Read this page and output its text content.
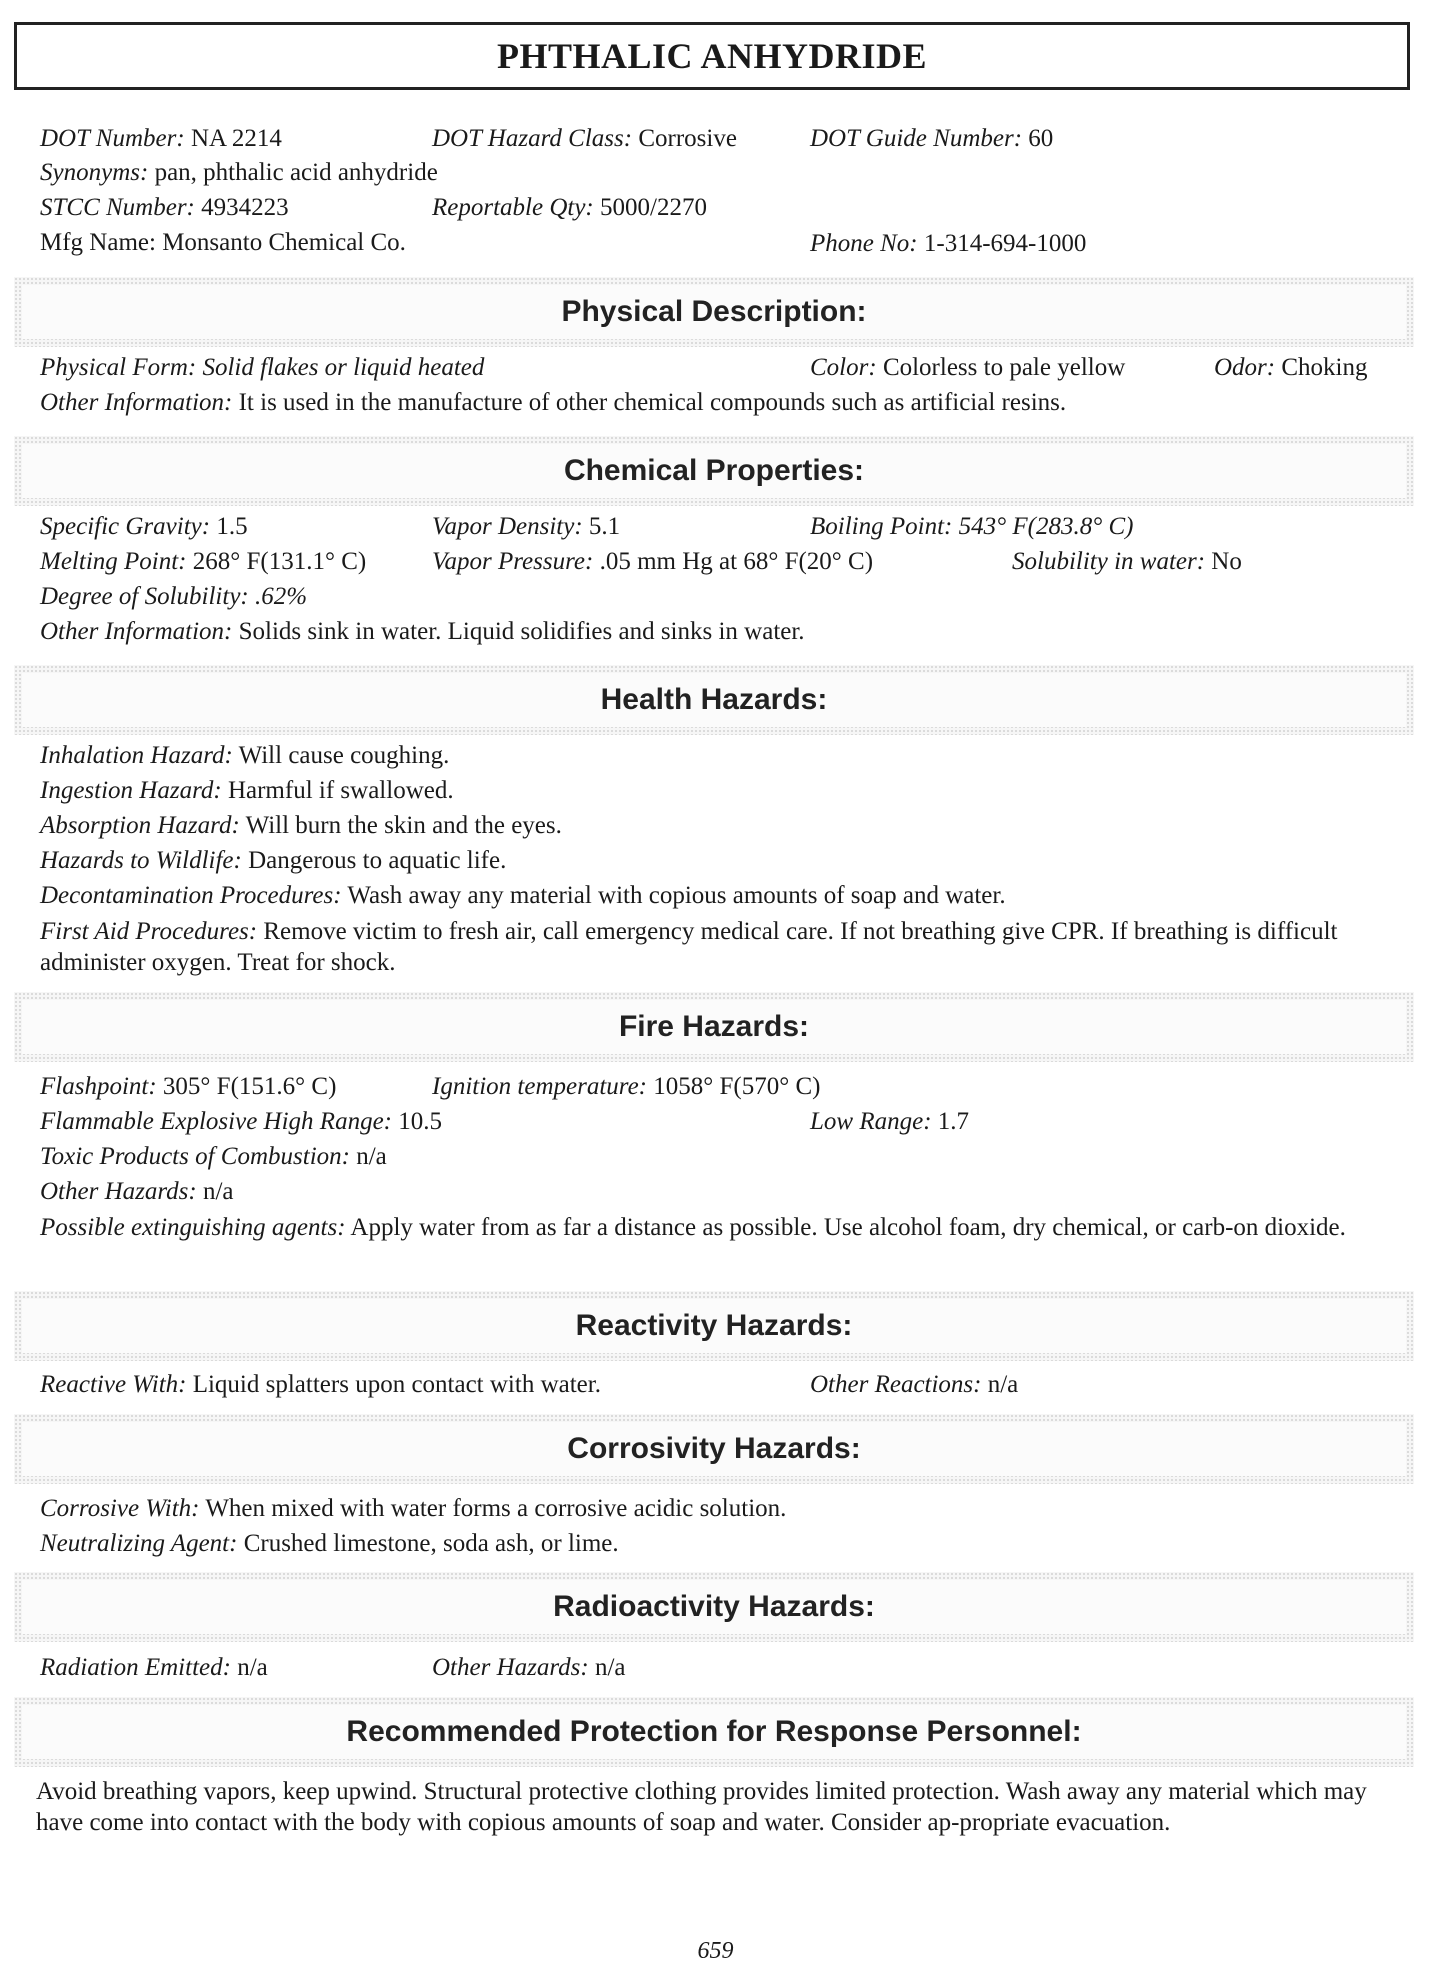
PHTHALIC ANHYDRIDE
DOT Number: NA 2214	DOT Hazard Class: Corrosive	DOT Guide Number: 60
Synonyms: pan, phthalic acid anhydride
STCC Number: 4934223	Reportable Qty: 5000/2270
Mfg Name: Monsanto Chemical Co.	Phone No: 1-314-694-1000
Physical Description:
Physical Form: Solid flakes or liquid heated	Color: Colorless to pale yellow	Odor: Choking
Other Information: It is used in the manufacture of other chemical compounds such as artificial resins.
Chemical Properties:
Specific Gravity: 1.5	Vapor Density: 5.1	Boiling Point: 543° F(283.8° C)
Melting Point: 268° F(131.1° C)	Vapor Pressure: .05 mm Hg at 68° F(20° C)	Solubility in water: No
Degree of Solubility: .62%
Other Information: Solids sink in water. Liquid solidifies and sinks in water.
Health Hazards:
Inhalation Hazard: Will cause coughing.
Ingestion Hazard: Harmful if swallowed.
Absorption Hazard: Will burn the skin and the eyes.
Hazards to Wildlife: Dangerous to aquatic life.
Decontamination Procedures: Wash away any material with copious amounts of soap and water.
First Aid Procedures: Remove victim to fresh air, call emergency medical care. If not breathing give CPR. If breathing is difficult administer oxygen. Treat for shock.
Fire Hazards:
Flashpoint: 305° F(151.6° C)	Ignition temperature: 1058° F(570° C)
Flammable Explosive High Range: 10.5	Low Range: 1.7
Toxic Products of Combustion: n/a
Other Hazards: n/a
Possible extinguishing agents: Apply water from as far a distance as possible. Use alcohol foam, dry chemical, or carb-on dioxide.
Reactivity Hazards:
Reactive With: Liquid splatters upon contact with water.	Other Reactions: n/a
Corrosivity Hazards:
Corrosive With: When mixed with water forms a corrosive acidic solution.
Neutralizing Agent: Crushed limestone, soda ash, or lime.
Radioactivity Hazards:
Radiation Emitted: n/a	Other Hazards: n/a
Recommended Protection for Response Personnel:
Avoid breathing vapors, keep upwind. Structural protective clothing provides limited protection. Wash away any material which may have come into contact with the body with copious amounts of soap and water. Consider ap-propriate evacuation.
659
